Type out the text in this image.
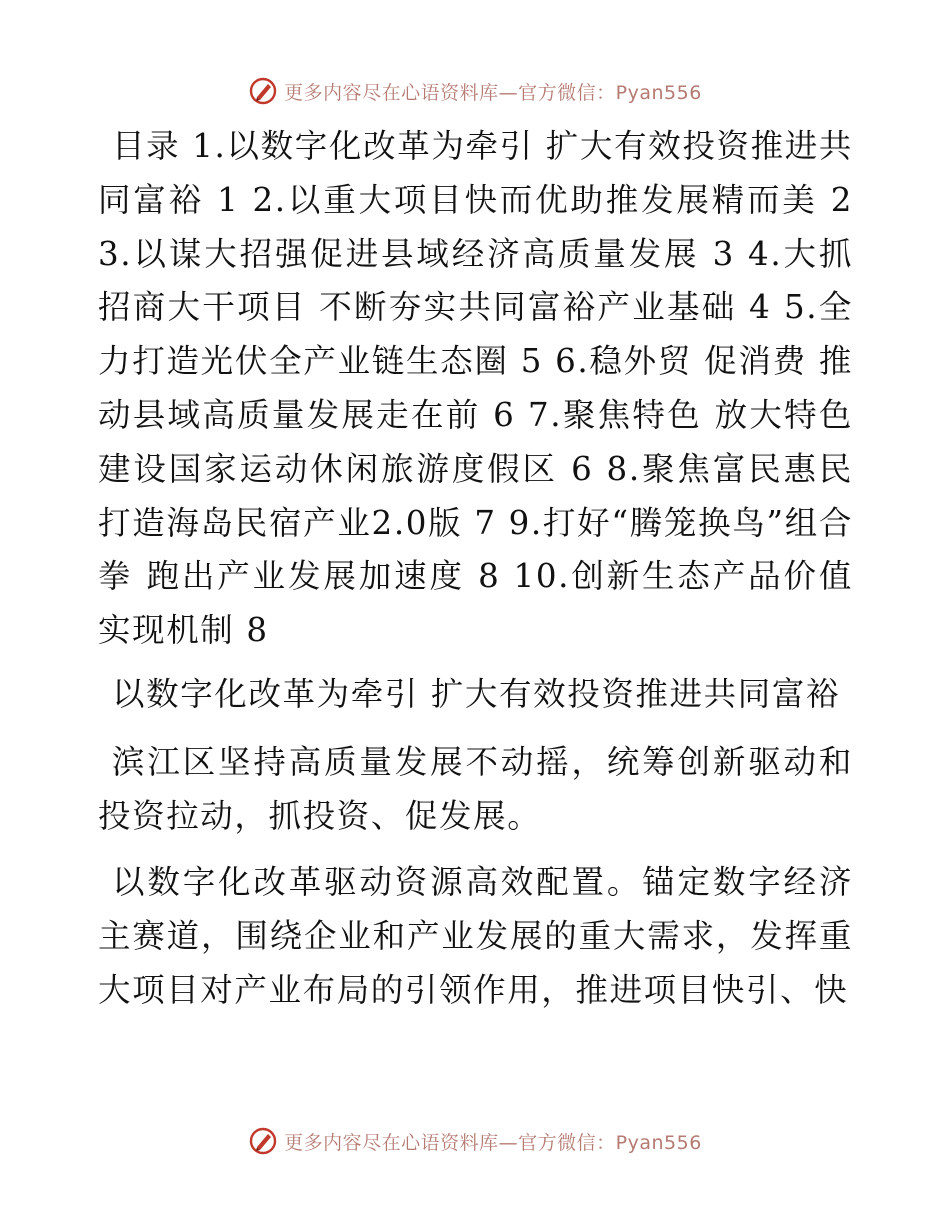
更多内容尽在心语资料库—官方微信：Pyan556

目录 1.以数字化改革为牵引 扩大有效投资推进共同富裕 1 2.以重大项目快而优助推发展精而美 2 3.以谋大招强促进县域经济高质量发展 3 4.大抓招商大干项目 不断夯实共同富裕产业基础 4 5.全力打造光伏全产业链生态圈 5 6.稳外贸 促消费 推动县域高质量发展走在前 6 7.聚焦特色 放大特色 建设国家运动休闲旅游度假区 6 8.聚焦富民惠民 打造海岛民宿产业2.0版 7 9.打好“腾笼换鸟”组合拳 跑出产业发展加速度 8 10.创新生态产品价值实现机制 8

以数字化改革为牵引 扩大有效投资推进共同富裕

滨江区坚持高质量发展不动摇，统筹创新驱动和投资拉动，抓投资、促发展。

以数字化改革驱动资源高效配置。锚定数字经济主赛道，围绕企业和产业发展的重大需求，发挥重大项目对产业布局的引领作用，推进项目快引、快

更多内容尽在心语资料库—官方微信：Pyan556
